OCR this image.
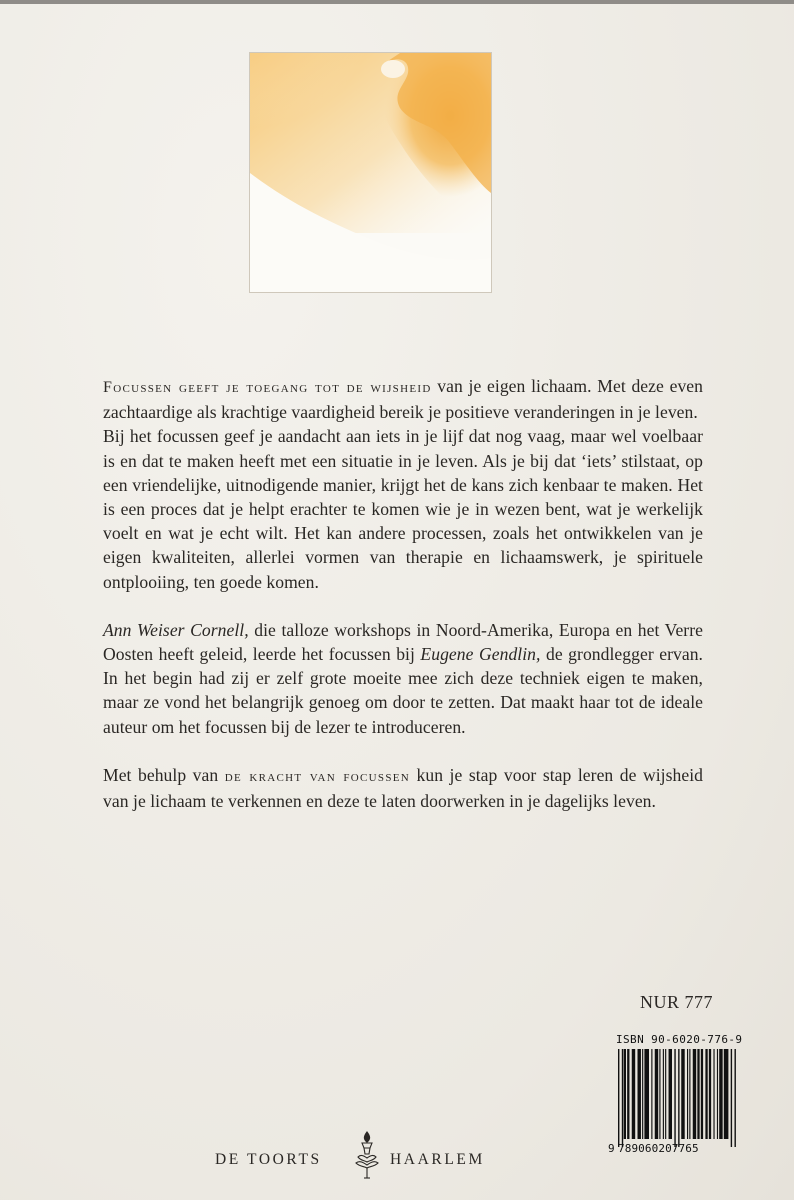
Focussen geeft je toegang tot de wijsheid van je eigen lichaam. Met deze even zachtaardige als krachtige vaardigheid bereik je positieve veranderingen in je leven.

Bij het focussen geef je aandacht aan iets in je lijf dat nog vaag, maar wel voelbaar is en dat te maken heeft met een situatie in je leven. Als je bij dat ‘iets’ stilstaat, op een vriendelijke, uitnodigende manier, krijgt het de kans zich kenbaar te maken. Het is een proces dat je helpt erachter te komen wie je in wezen bent, wat je werkelijk voelt en wat je echt wilt. Het kan andere processen, zoals het ontwikkelen van je eigen kwaliteiten, allerlei vormen van therapie en lichaamswerk, je spirituele ontplooiing, ten goede komen.

Ann Weiser Cornell, die talloze workshops in Noord-Amerika, Europa en het Verre Oosten heeft geleid, leerde het focussen bij Eugene Gendlin, de grondlegger ervan. In het begin had zij er zelf grote moeite mee zich deze techniek eigen te maken, maar ze vond het belangrijk genoeg om door te zetten. Dat maakt haar tot de ideale auteur om het focussen bij de lezer te introduceren.

Met behulp van de kracht van focussen kun je stap voor stap leren de wijsheid van je lichaam te verkennen en deze te laten doorwerken in je dagelijks leven.

NUR 777
ISBN 90-6020-776-9
9 789060207765
DE TOORTS	HAARLEM
